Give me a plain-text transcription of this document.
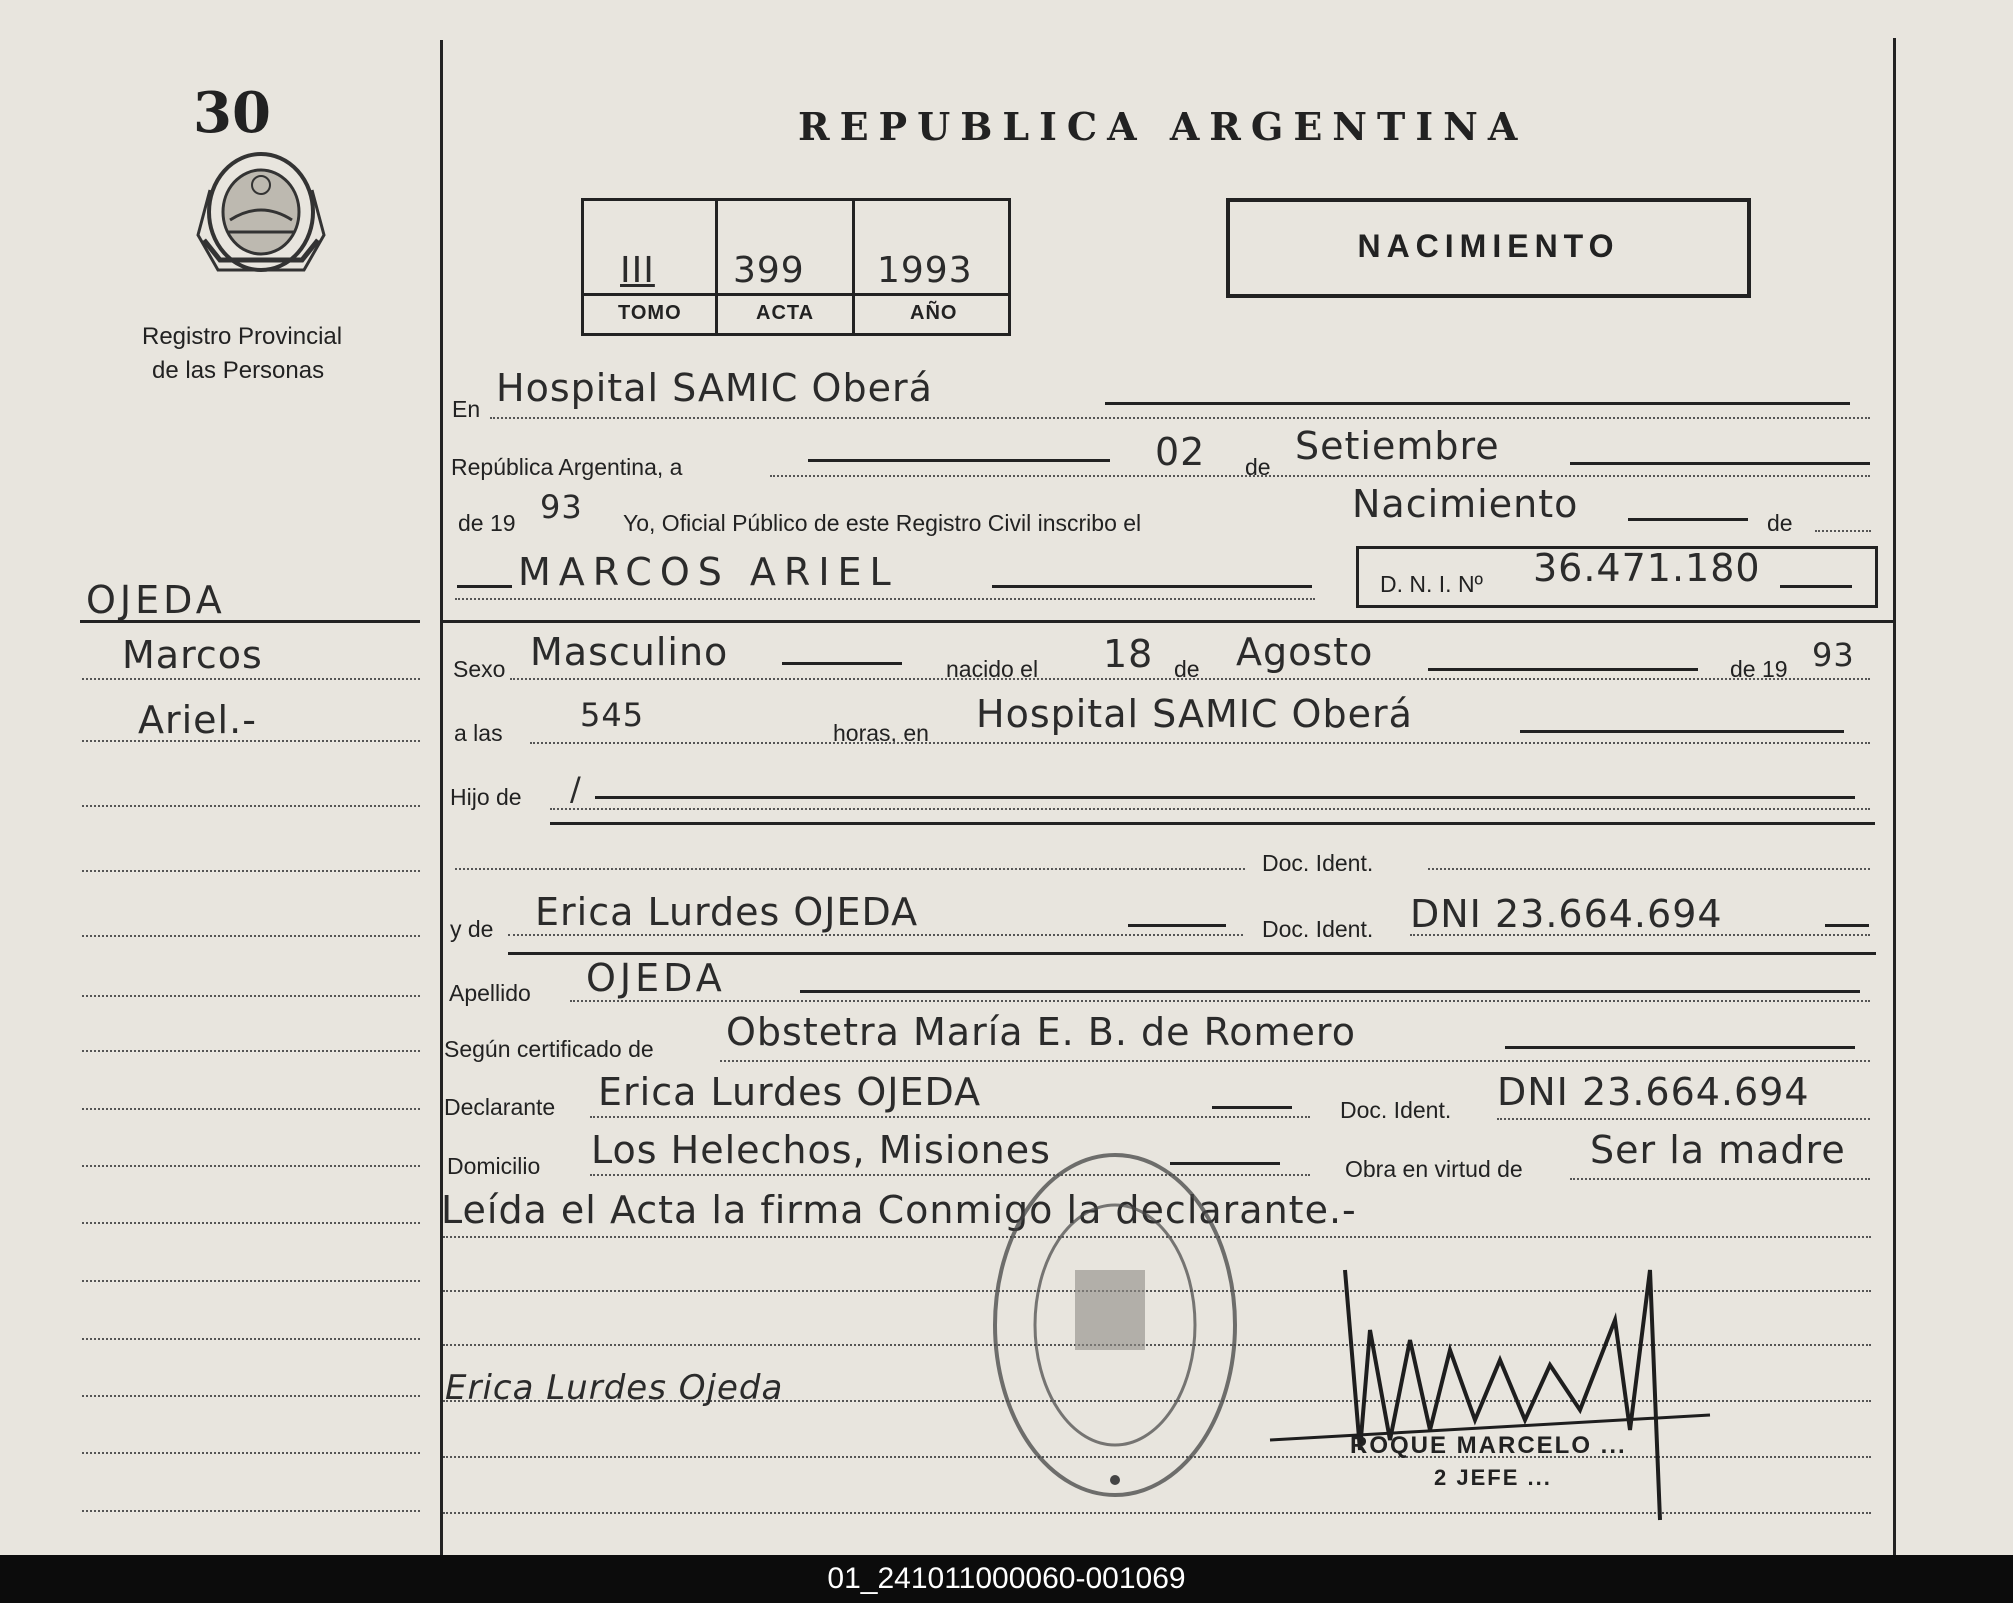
30
Registro Provincial
de las Personas
OJEDA
Marcos
Ariel.-
REPUBLICA ARGENTINA
III 399 1993
TOMO	ACTA	AÑO
NACIMIENTO
En Hospital SAMIC Oberá
República Argentina, a	02 de Setiembre
de 19 93 Yo, Oficial Público de este Registro Civil inscribo el	Nacimiento	de
MARCOS ARIEL	D. N. I. Nº 36.471.180
Sexo Masculino	nacido el 18 de Agosto	de 19 93
a las 545	horas, en Hospital SAMIC Oberá
Hijo de /
Doc. Ident.
y de Erica Lurdes OJEDA	Doc. Ident. DNI 23.664.694
Apellido OJEDA
Según certificado de Obstetra María E. B. de Romero
Declarante Erica Lurdes OJEDA	Doc. Ident. DNI 23.664.694
Domicilio Los Helechos, Misiones	Obra en virtud de Ser la madre
Leída el Acta la firma Conmigo la declarante.-
Erica Lurdes Ojeda
ROQUE MARCELO ...
2 JEFE ...
01_241011000060-001069
